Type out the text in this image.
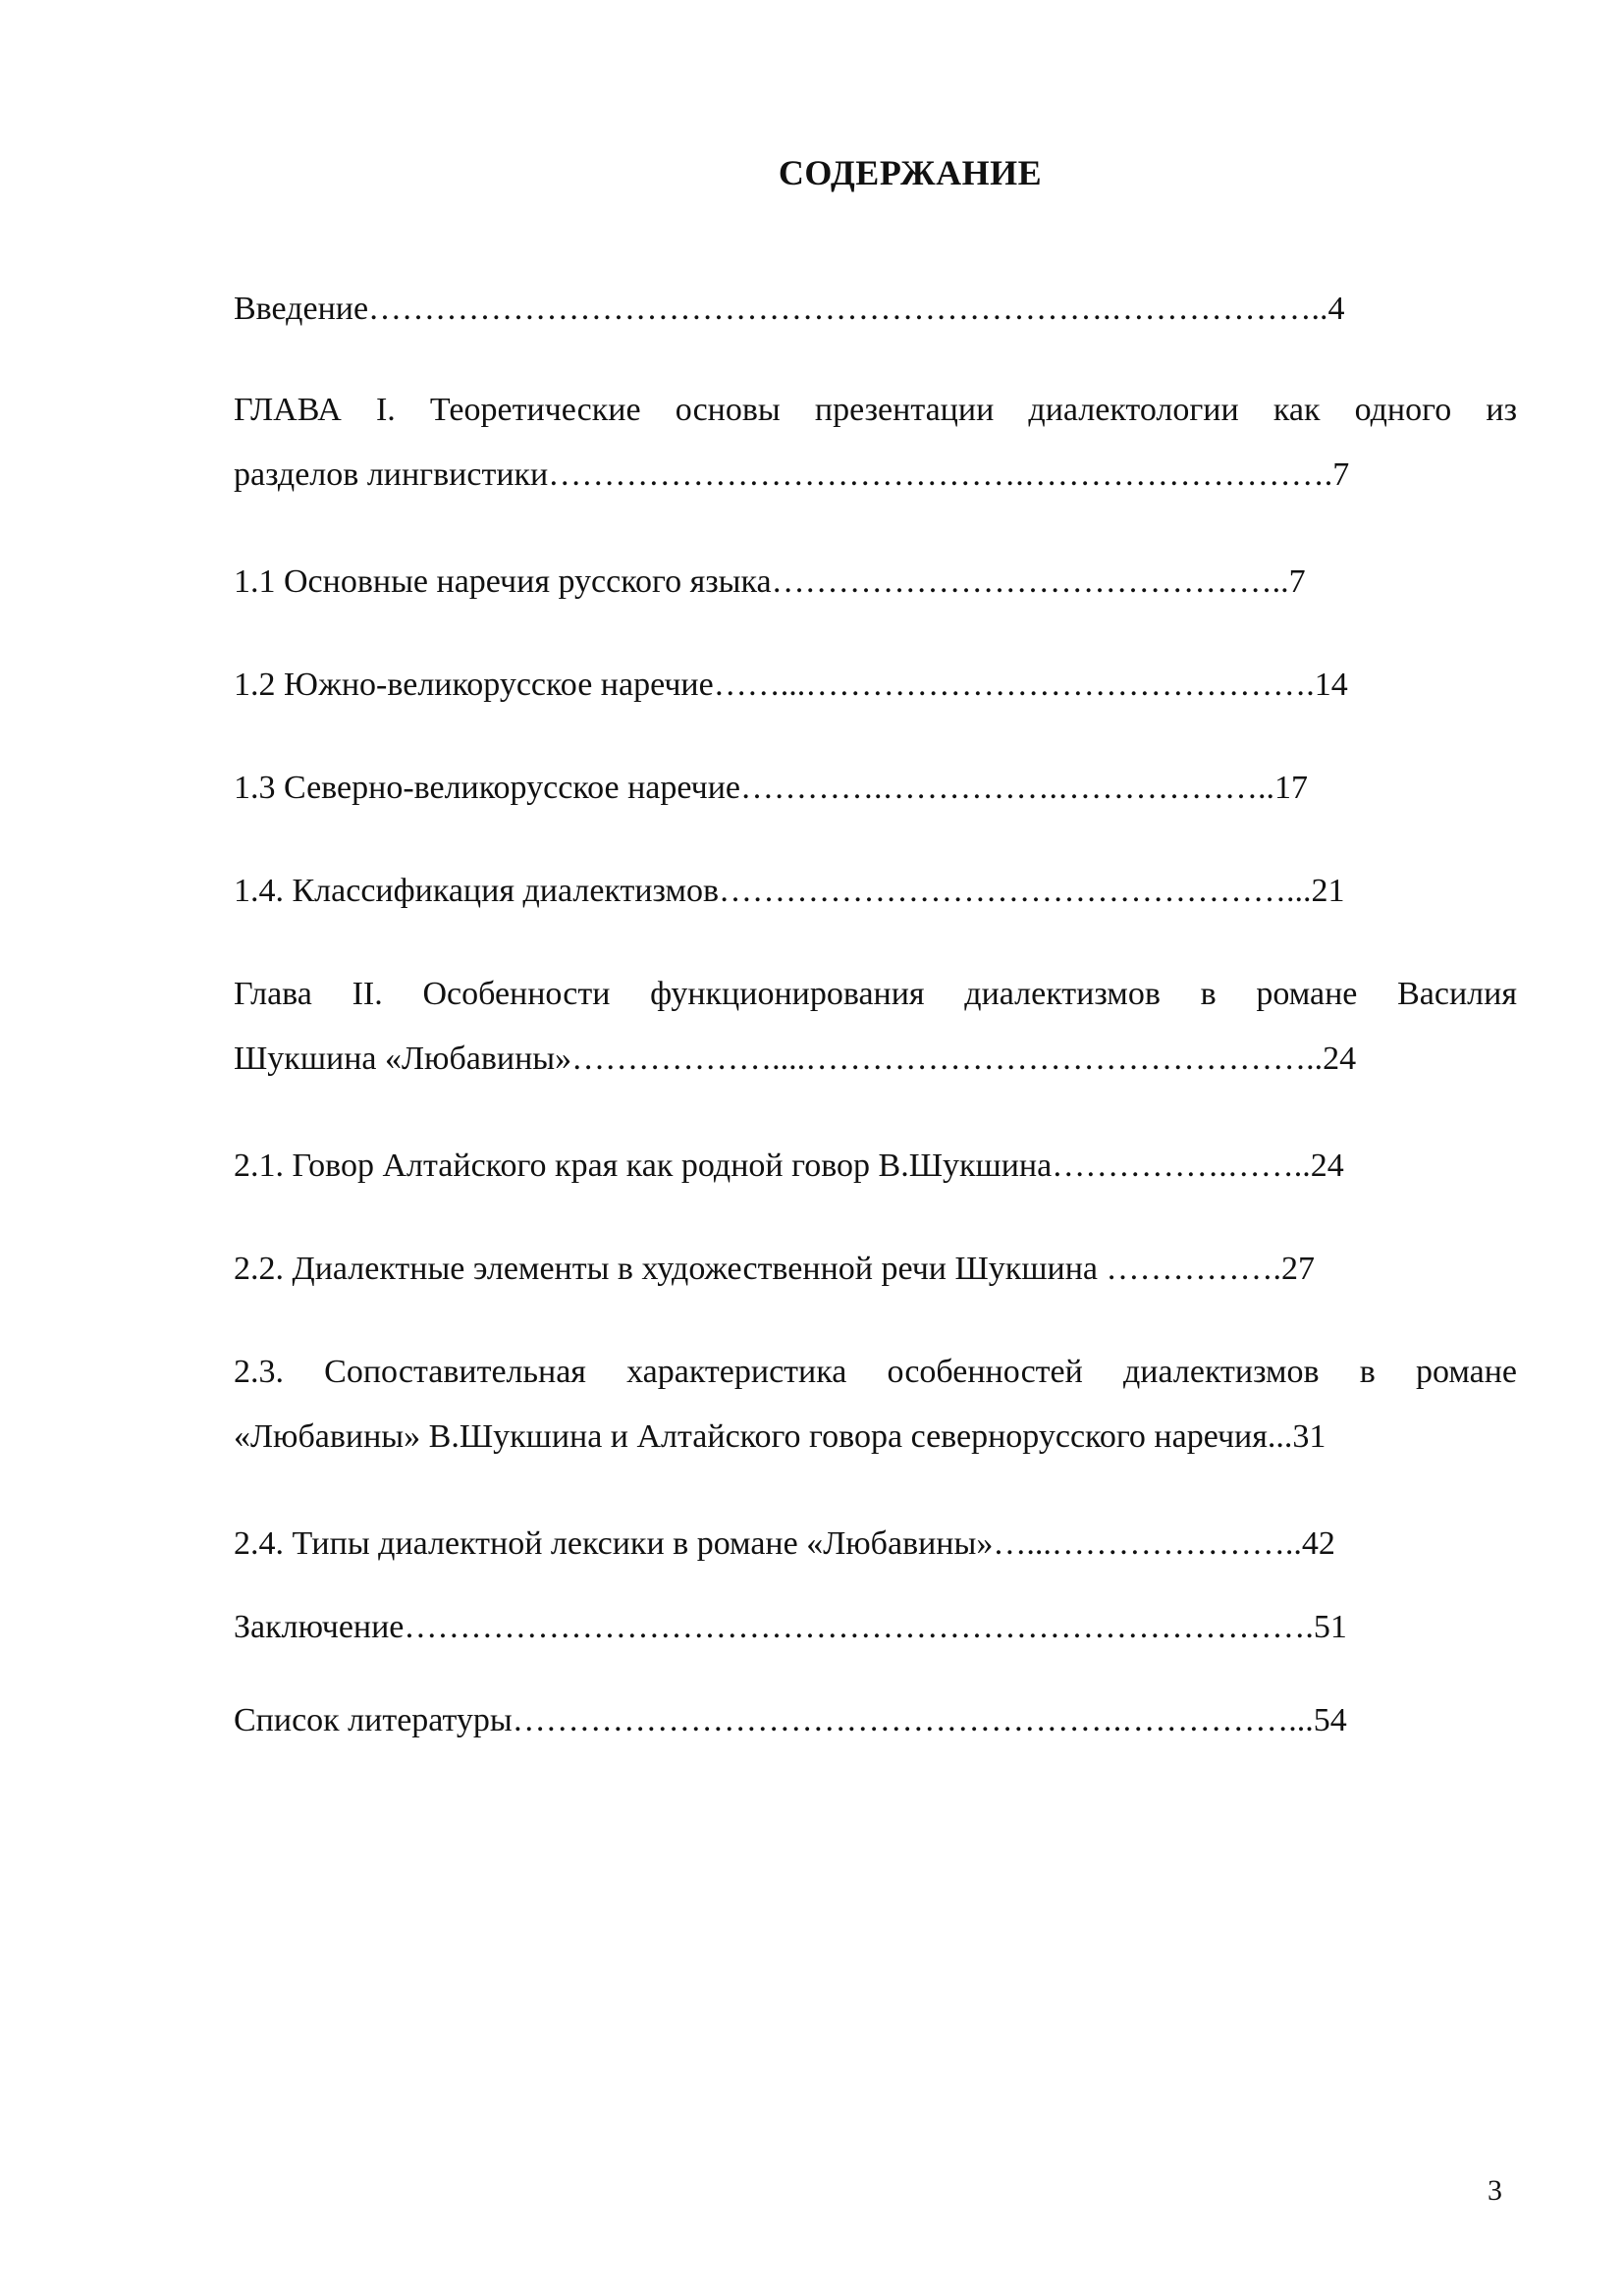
СОДЕРЖАНИЕ
Введение………………………………………………………….………………..4
ГЛАВА I. Теоретические основы презентации диалектологии как одного из
разделов лингвистики…………………………………….……………………….7
1.1 Основные наречия русского языка………………………………………..7
1.2 Южно-великорусское наречие……...……………………………………….14
1.3 Северно-великорусское наречие………….…………….………………..17
1.4. Классификация диалектизмов……………………………………………...21
Глава II. Особенности функционирования диалектизмов в романе Василия
Шукшина «Любавины»………………....………………………………………..24
2.1. Говор Алтайского края как родной говор В.Шукшина…………….……..24
2.2. Диалектные элементы в художественной речи Шукшина …………….27
2.3. Сопоставительная характеристика особенностей диалектизмов в романе
«Любавины» В.Шукшина и Алтайского говора севернорусского наречия...31
2.4. Типы диалектной лексики в романе «Любавины»…...…………………..42
Заключение……………………………………………………………………….51
Список литературы……………………………………………….……………...54
3
